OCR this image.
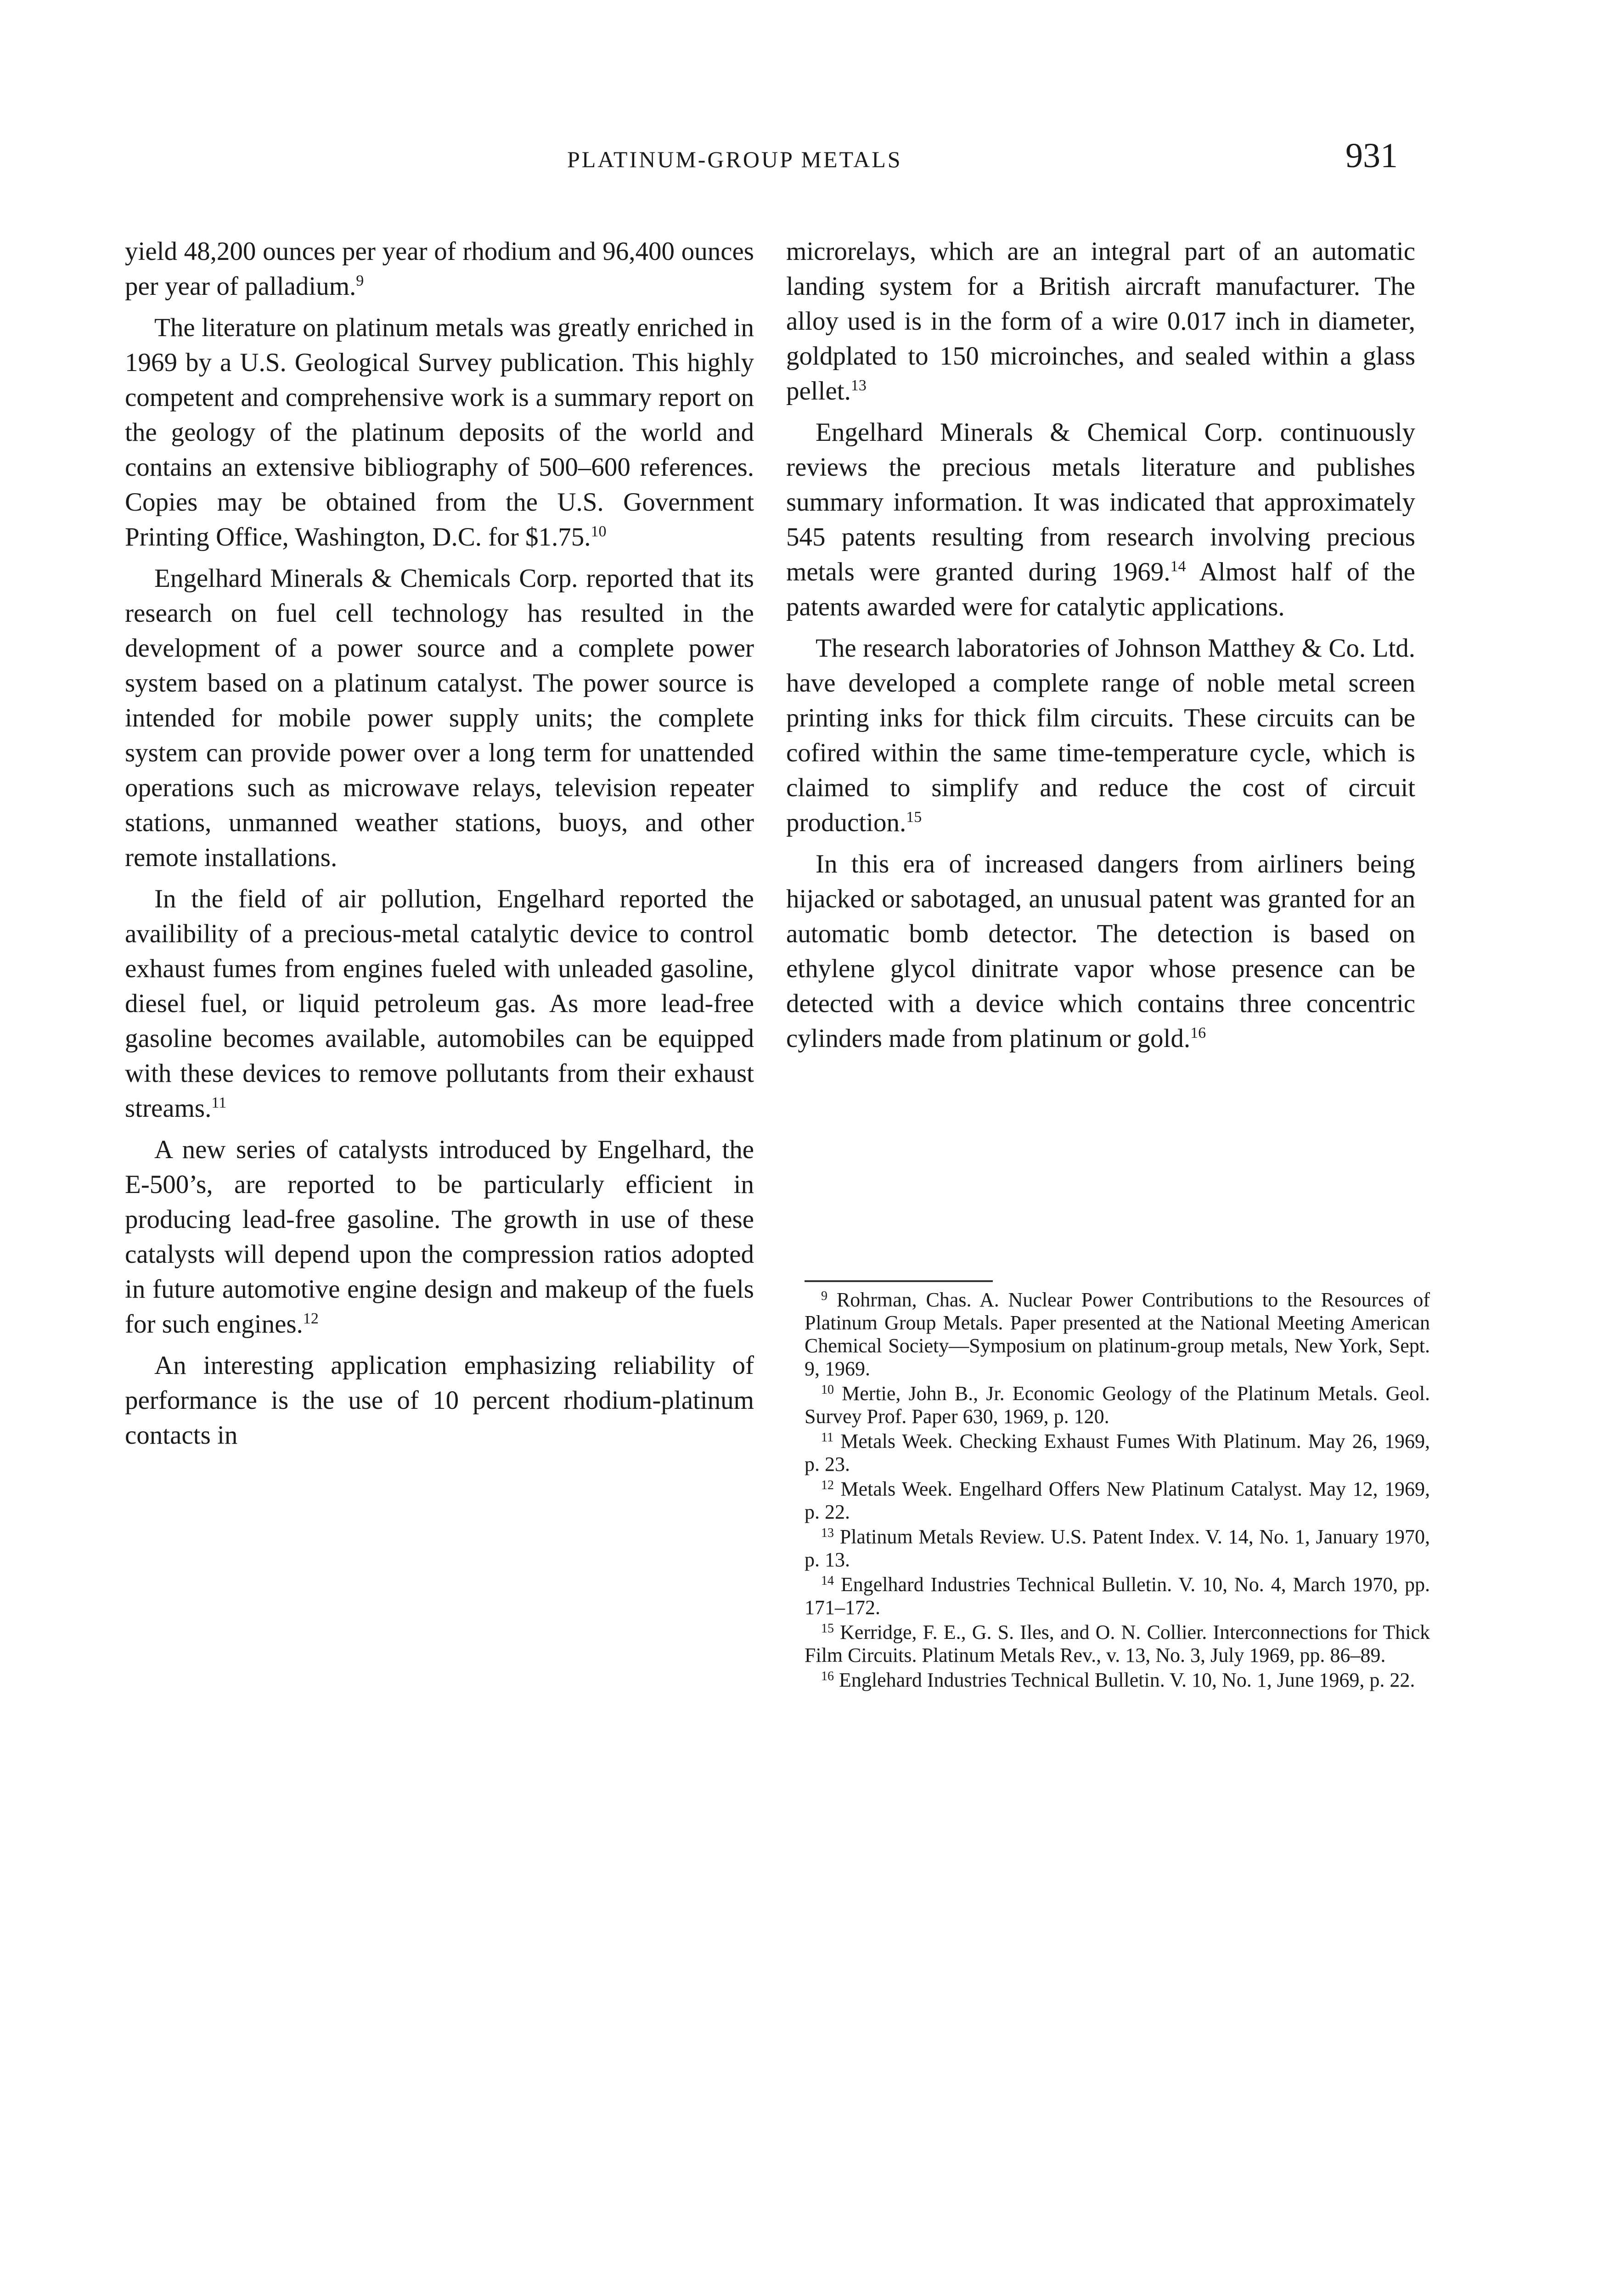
PLATINUM-GROUP METALS	931

yield 48,200 ounces per year of rhodium and 96,400 ounces per year of palladium.$^9$

The literature on platinum metals was greatly enriched in 1969 by a U.S. Geological Survey publication. This highly competent and comprehensive work is a summary report on the geology of the platinum deposits of the world and contains an extensive bibliography of 500–600 references. Copies may be obtained from the U.S. Government Printing Office, Washington, D.C. for $1.75.10

Engelhard Minerals & Chemicals Corp. reported that its research on fuel cell technology has resulted in the development of a power source and a complete power system based on a platinum catalyst. The power source is intended for mobile power supply units; the complete system can provide power over a long term for unattended operations such as microwave relays, television repeater stations, unmanned weather stations, buoys, and other remote installations.

In the field of air pollution, Engelhard reported the availibility of a precious-metal catalytic device to control exhaust fumes from engines fueled with unleaded gasoline, diesel fuel, or liquid petroleum gas. As more lead-free gasoline becomes available, automobiles can be equipped with these devices to remove pollutants from their exhaust streams.$^{11}$

A new series of catalysts introduced by Engelhard, the E-500’s, are reported to be particularly efficient in producing lead-free gasoline. The growth in use of these catalysts will depend upon the compression ratios adopted in future automotive engine design and makeup of the fuels for such engines.$^{12}$

An interesting application emphasizing reliability of performance is the use of 10 percent rhodium-platinum contacts in

microrelays, which are an integral part of an automatic landing system for a British aircraft manufacturer. The alloy used is in the form of a wire 0.017 inch in diameter, goldplated to 150 microinches, and sealed within a glass pellet.$^{13}$

Engelhard Minerals & Chemical Corp. continuously reviews the precious metals literature and publishes summary information. It was indicated that approximately 545 patents resulting from research involving precious metals were granted during 1969.14 Almost half of the patents awarded were for catalytic applications.

The research laboratories of Johnson Matthey & Co. Ltd. have developed a complete range of noble metal screen printing inks for thick film circuits. These circuits can be cofired within the same time-temperature cycle, which is claimed to simplify and reduce the cost of circuit production.$^{15}$

In this era of increased dangers from airliners being hijacked or sabotaged, an unusual patent was granted for an automatic bomb detector. The detection is based on ethylene glycol dinitrate vapor whose presence can be detected with a device which contains three concentric cylinders made from platinum or gold.$^{16}$

$^9$ Rohrman, Chas. A. Nuclear Power Contributions to the Resources of Platinum Group Metals. Paper presented at the National Meeting American Chemical Society—Symposium on platinum-group metals, New York, Sept. 9, 1969.

$^{10}$ Mertie, John B., Jr. Economic Geology of the Platinum Metals. Geol. Survey Prof. Paper 630, 1969, p. 120.

$^{11}$ Metals Week. Checking Exhaust Fumes With Platinum. May 26, 1969, p. 23.

$^{12}$ Metals Week. Engelhard Offers New Platinum Catalyst. May 12, 1969, p. 22.

$^{13}$ Platinum Metals Review. U.S. Patent Index. V. 14, No. 1, January 1970, p. 13.

$^{14}$ Engelhard Industries Technical Bulletin. V. 10, No. 4, March 1970, pp. 171–172.

$^{15}$ Kerridge, F. E., G. S. Iles, and O. N. Collier. Interconnections for Thick Film Circuits. Platinum Metals Rev., v. 13, No. 3, July 1969, pp. 86–89.

$^{16}$ Englehard Industries Technical Bulletin. V. 10, No. 1, June 1969, p. 22.
